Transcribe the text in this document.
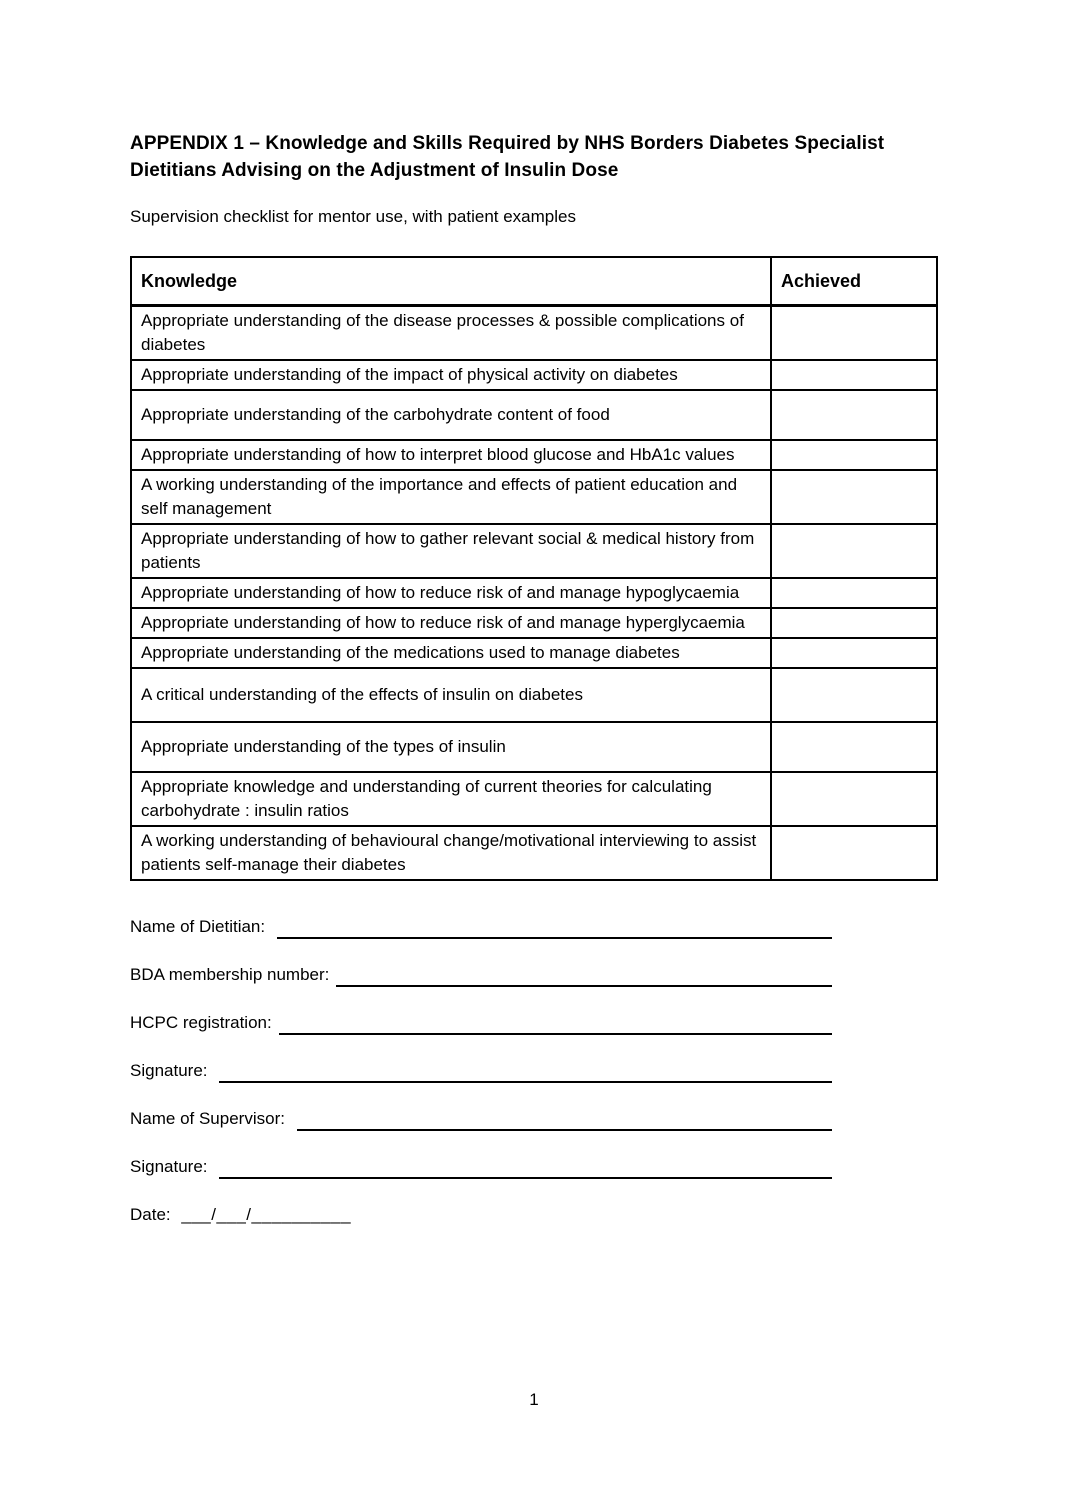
APPENDIX 1 – Knowledge and Skills Required by NHS Borders Diabetes Specialist Dietitians Advising on the Adjustment of Insulin Dose

Supervision checklist for mentor use, with patient examples

Knowledge	Achieved
Appropriate understanding of the disease processes & possible complications of diabetes	
Appropriate understanding of the impact of physical activity on diabetes	
Appropriate understanding of the carbohydrate content of food	
Appropriate understanding of how to interpret blood glucose and HbA1c values	
A working understanding of the importance and effects of patient education and self management	
Appropriate understanding of how to gather relevant social & medical history from patients	
Appropriate understanding of how to reduce risk of and manage hypoglycaemia	
Appropriate understanding of how to reduce risk of and manage hyperglycaemia	
Appropriate understanding of the medications used to manage diabetes	
A critical understanding of the effects of insulin on diabetes	
Appropriate understanding of the types of insulin	
Appropriate knowledge and understanding of current theories for calculating carbohydrate : insulin ratios	
A working understanding of behavioural change/motivational interviewing to assist patients self-manage their diabetes	
Name of Dietitian:
BDA membership number:
HCPC registration:
Signature:
Name of Supervisor:
Signature:
Date: ___/___/__________
1
